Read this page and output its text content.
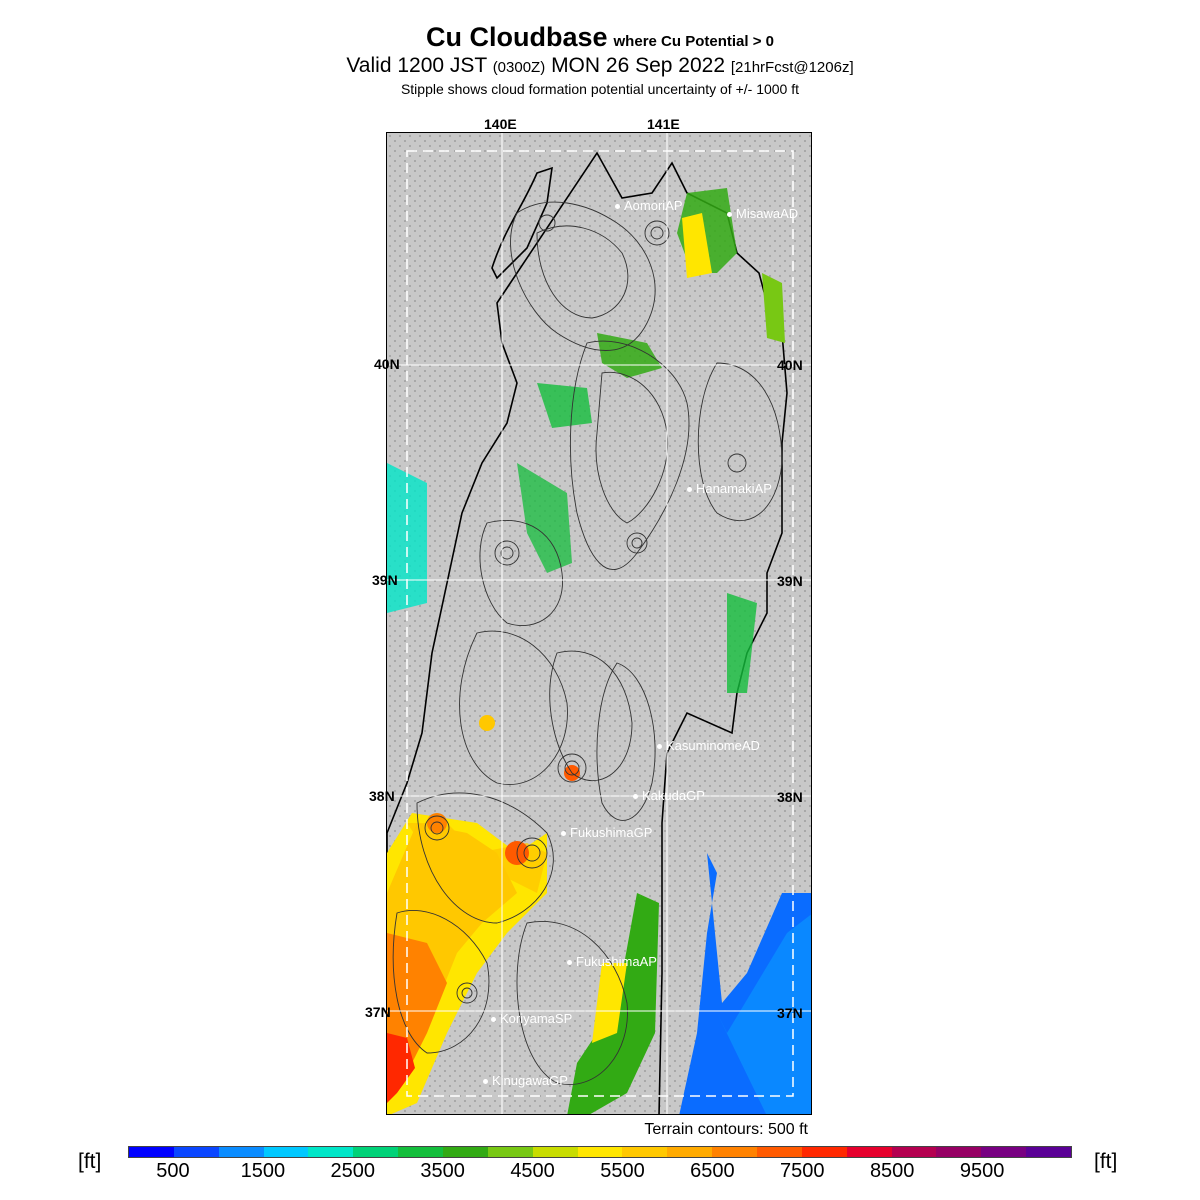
Cu Cloudbase where Cu Potential > 0
Valid 1200 JST (0300Z) MON 26 Sep 2022 [21hrFcst@1206z]
Stipple shows cloud formation potential uncertainty of +/- 1000 ft
140E	141E
40N
39N
38N
37N
AomoriAP
MisawaAD
HanamakiAP
KasuminomeAD
KakudaGP
FukushimaGP
FukushimaAP
KoriyamaSP
KinugawaGP
40N
39N
38N
37N
Terrain contours: 500 ft
[ft]	[ft]
500	1500 2500 3500 4500 5500 6500 7500 8500 9500
